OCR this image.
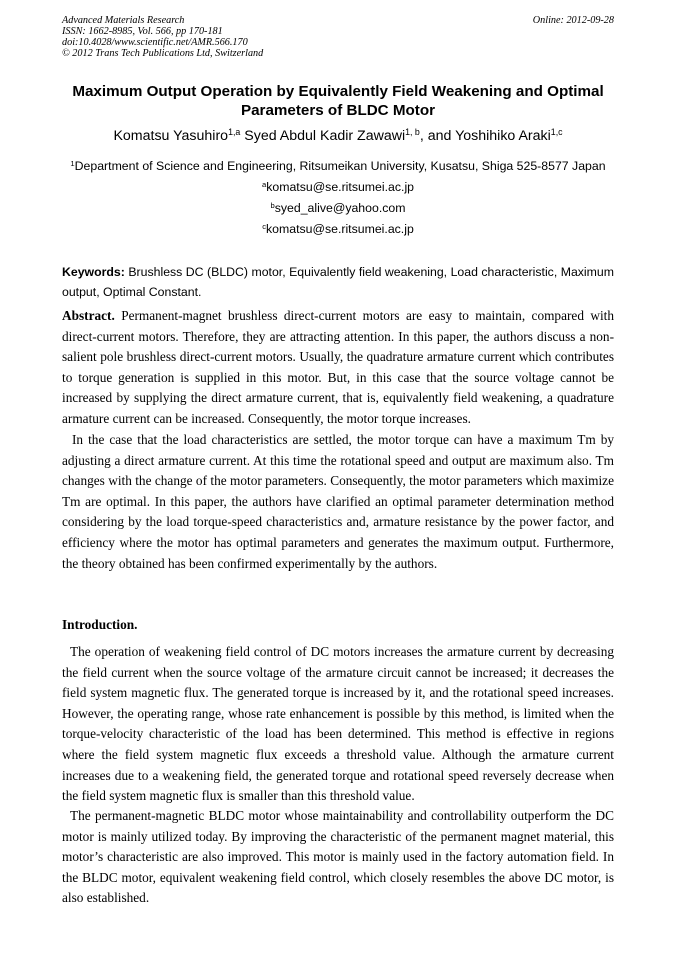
Advanced Materials Research
ISSN: 1662-8985, Vol. 566, pp 170-181
doi:10.4028/www.scientific.net/AMR.566.170
© 2012 Trans Tech Publications Ltd, Switzerland
Online: 2012-09-28
Maximum Output Operation by Equivalently Field Weakening and Optimal Parameters of BLDC Motor
Komatsu Yasuhiro$^{1,a}$ Syed Abdul Kadir Zawawi$^{1, b}$, and Yoshihiko Araki$^{1,c}$
$^1$Department of Science and Engineering, Ritsumeikan University, Kusatsu, Shiga 525-8577 Japan
$^a$komatsu@se.ritsumei.ac.jp
$^b$syed_alive@yahoo.com
$^c$komatsu@se.ritsumei.ac.jp
Keywords: Brushless DC (BLDC) motor, Equivalently field weakening, Load characteristic, Maximum output, Optimal Constant.
Abstract. Permanent-magnet brushless direct-current motors are easy to maintain, compared with direct-current motors. Therefore, they are attracting attention. In this paper, the authors discuss a non-salient pole brushless direct-current motors. Usually, the quadrature armature current which contributes to torque generation is supplied in this motor. But, in this case that the source voltage cannot be increased by supplying the direct armature current, that is, equivalently field weakening, a quadrature armature current can be increased. Consequently, the motor torque increases.
In the case that the load characteristics are settled, the motor torque can have a maximum Tm by adjusting a direct armature current. At this time the rotational speed and output are maximum also. Tm changes with the change of the motor parameters. Consequently, the motor parameters which maximize Tm are optimal. In this paper, the authors have clarified an optimal parameter determination method considering by the load torque-speed characteristics and, armature resistance by the power factor, and efficiency where the motor has optimal parameters and generates the maximum output. Furthermore, the theory obtained has been confirmed experimentally by the authors.
Introduction.
The operation of weakening field control of DC motors increases the armature current by decreasing the field current when the source voltage of the armature circuit cannot be increased; it decreases the field system magnetic flux. The generated torque is increased by it, and the rotational speed increases. However, the operating range, whose rate enhancement is possible by this method, is limited when the torque-velocity characteristic of the load has been determined. This method is effective in regions where the field system magnetic flux exceeds a threshold value. Although the armature current increases due to a weakening field, the generated torque and rotational speed reversely decrease when the field system magnetic flux is smaller than this threshold value.
The permanent-magnetic BLDC motor whose maintainability and controllability outperform the DC motor is mainly utilized today. By improving the characteristic of the permanent magnet material, this motor’s characteristic are also improved. This motor is mainly used in the factory automation field. In the BLDC motor, equivalent weakening field control, which closely resembles the above DC motor, is also established.
